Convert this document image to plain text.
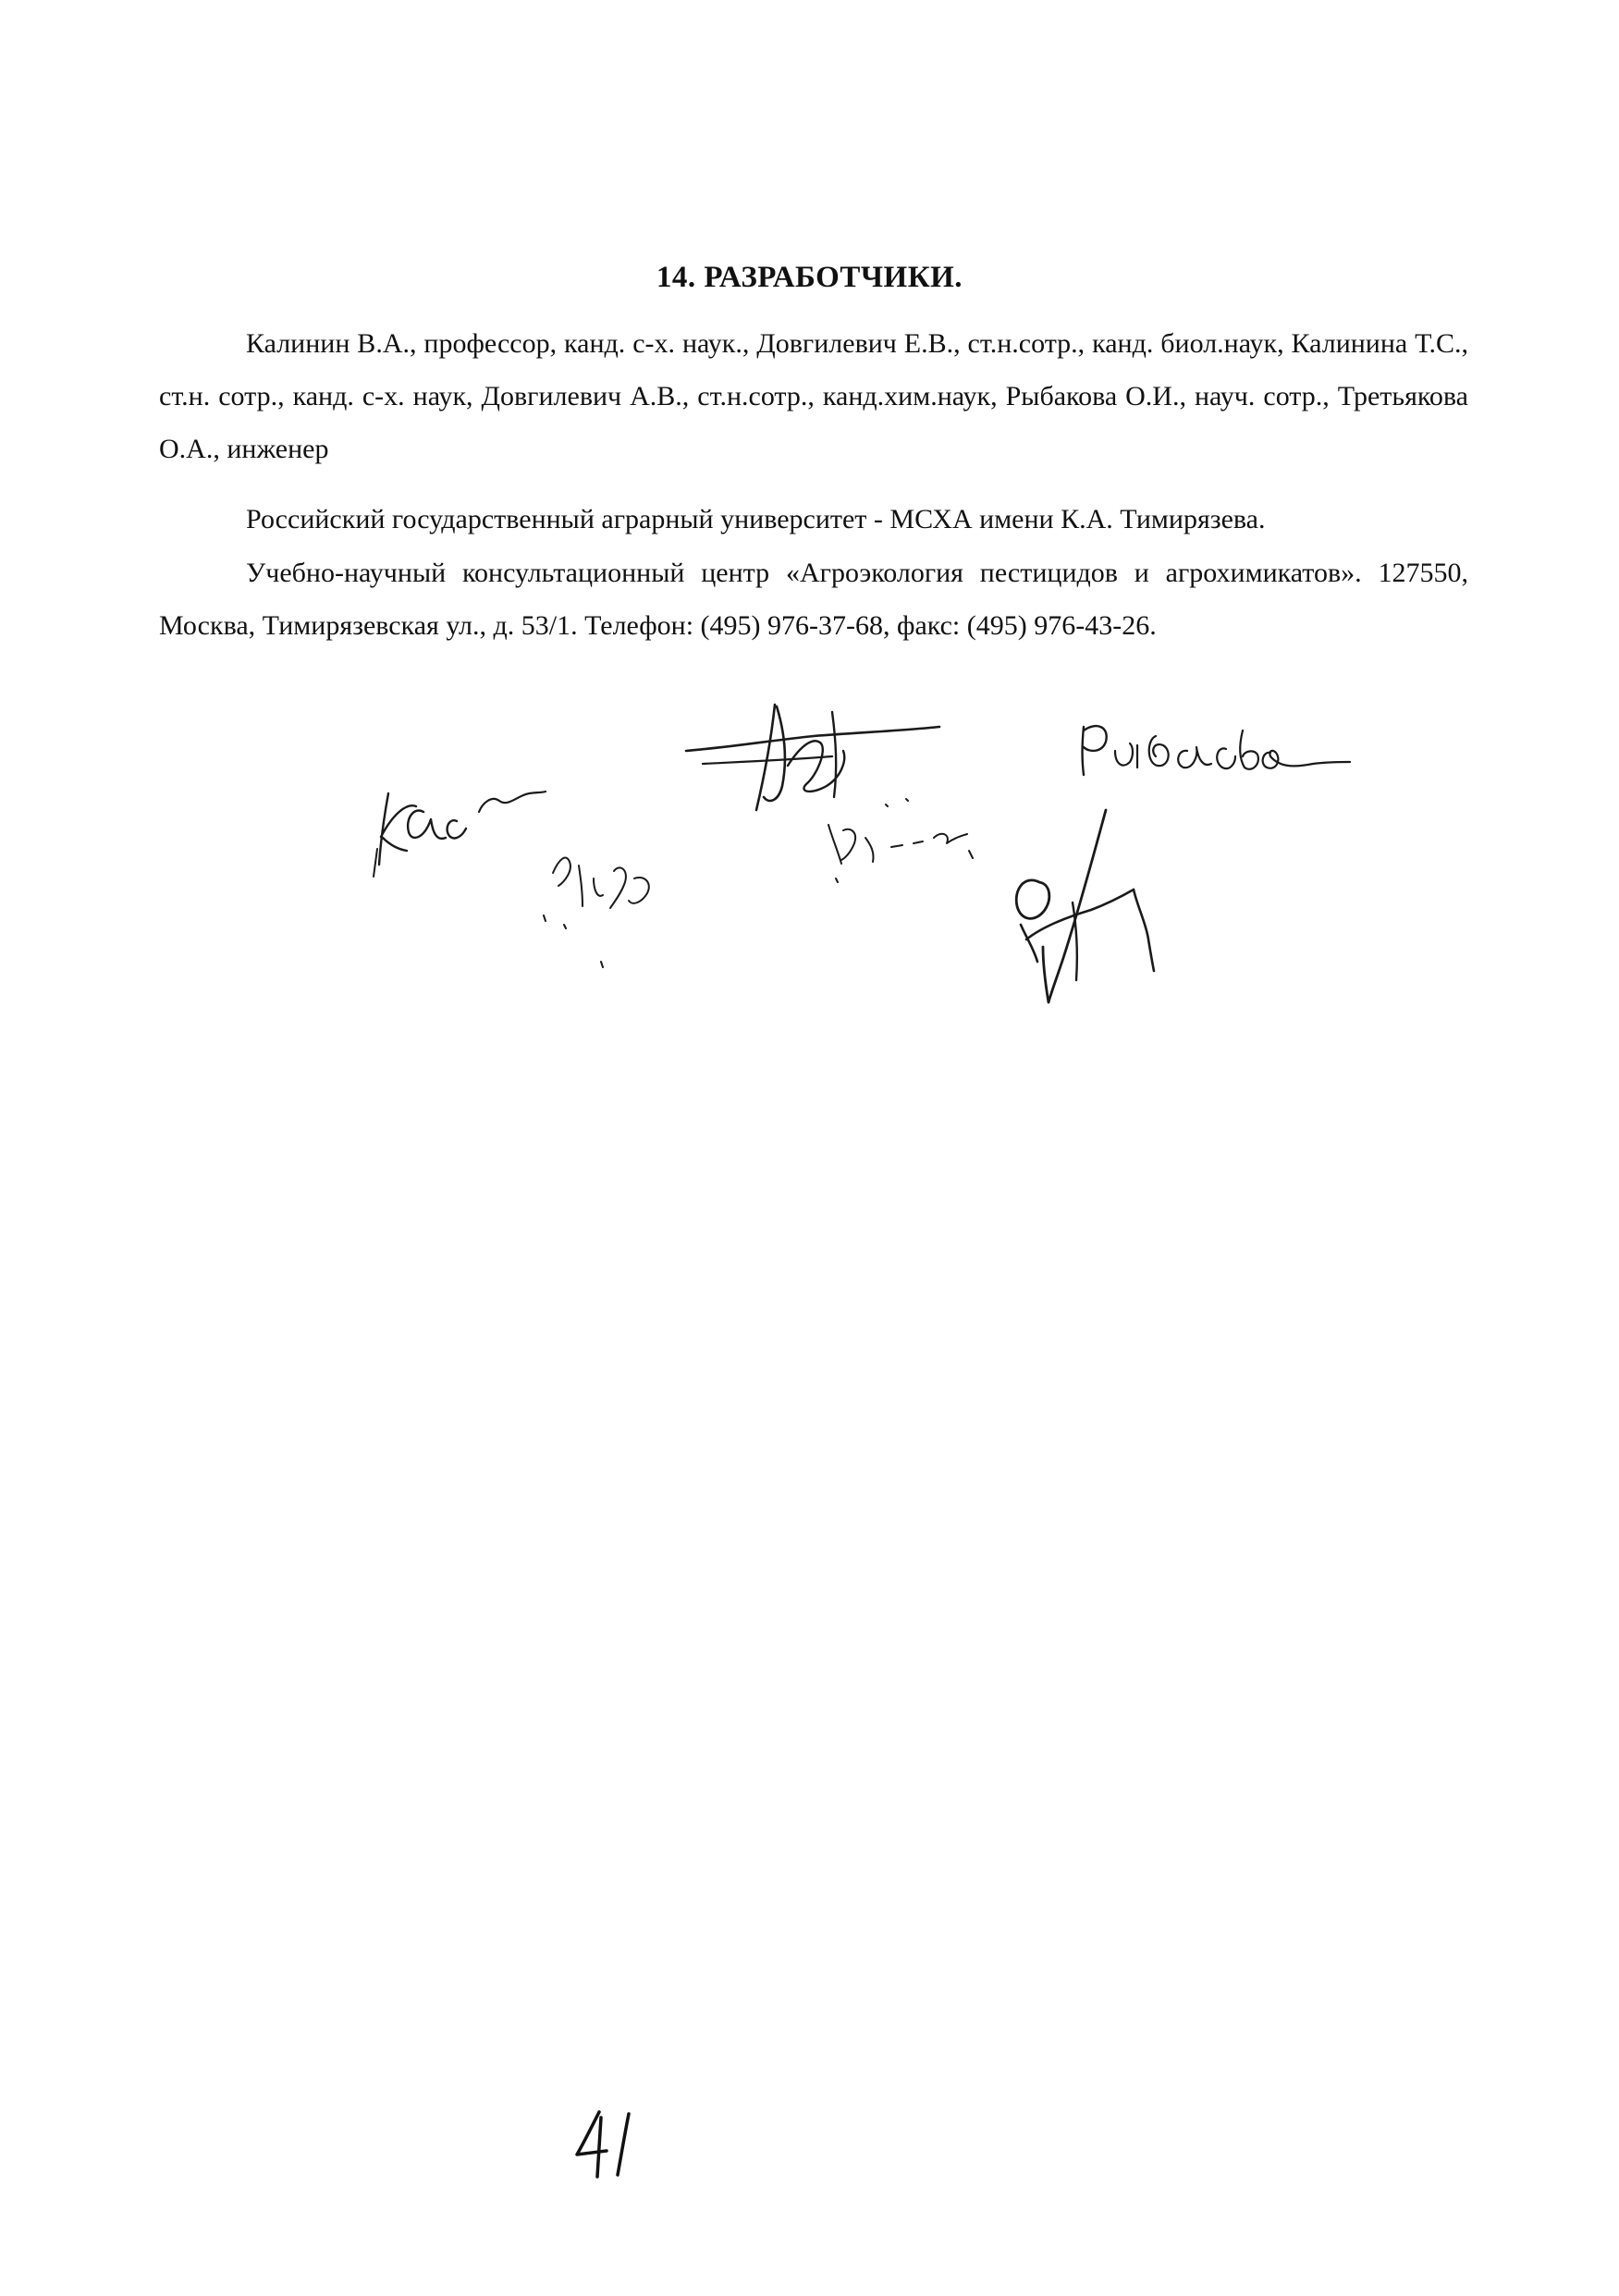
14. РАЗРАБОТЧИКИ.
Калинин В.А., профессор, канд. с-х. наук., Довгилевич Е.В., ст.н.сотр., канд. биол.наук, Калинина Т.С., ст.н. сотр., канд. с-х. наук, Довгилевич А.В., ст.н.сотр., канд.хим.наук, Рыбакова О.И., науч. сотр., Третьякова О.А., инженер
Российский государственный аграрный университет - МСХА имени К.А. Тимирязева.
Учебно-научный консультационный центр «Агроэкология пестицидов и агрохимикатов». 127550, Москва, Тимирязевская ул., д. 53/1. Телефон: (495) 976-37-68, факс: (495) 976-43-26.
